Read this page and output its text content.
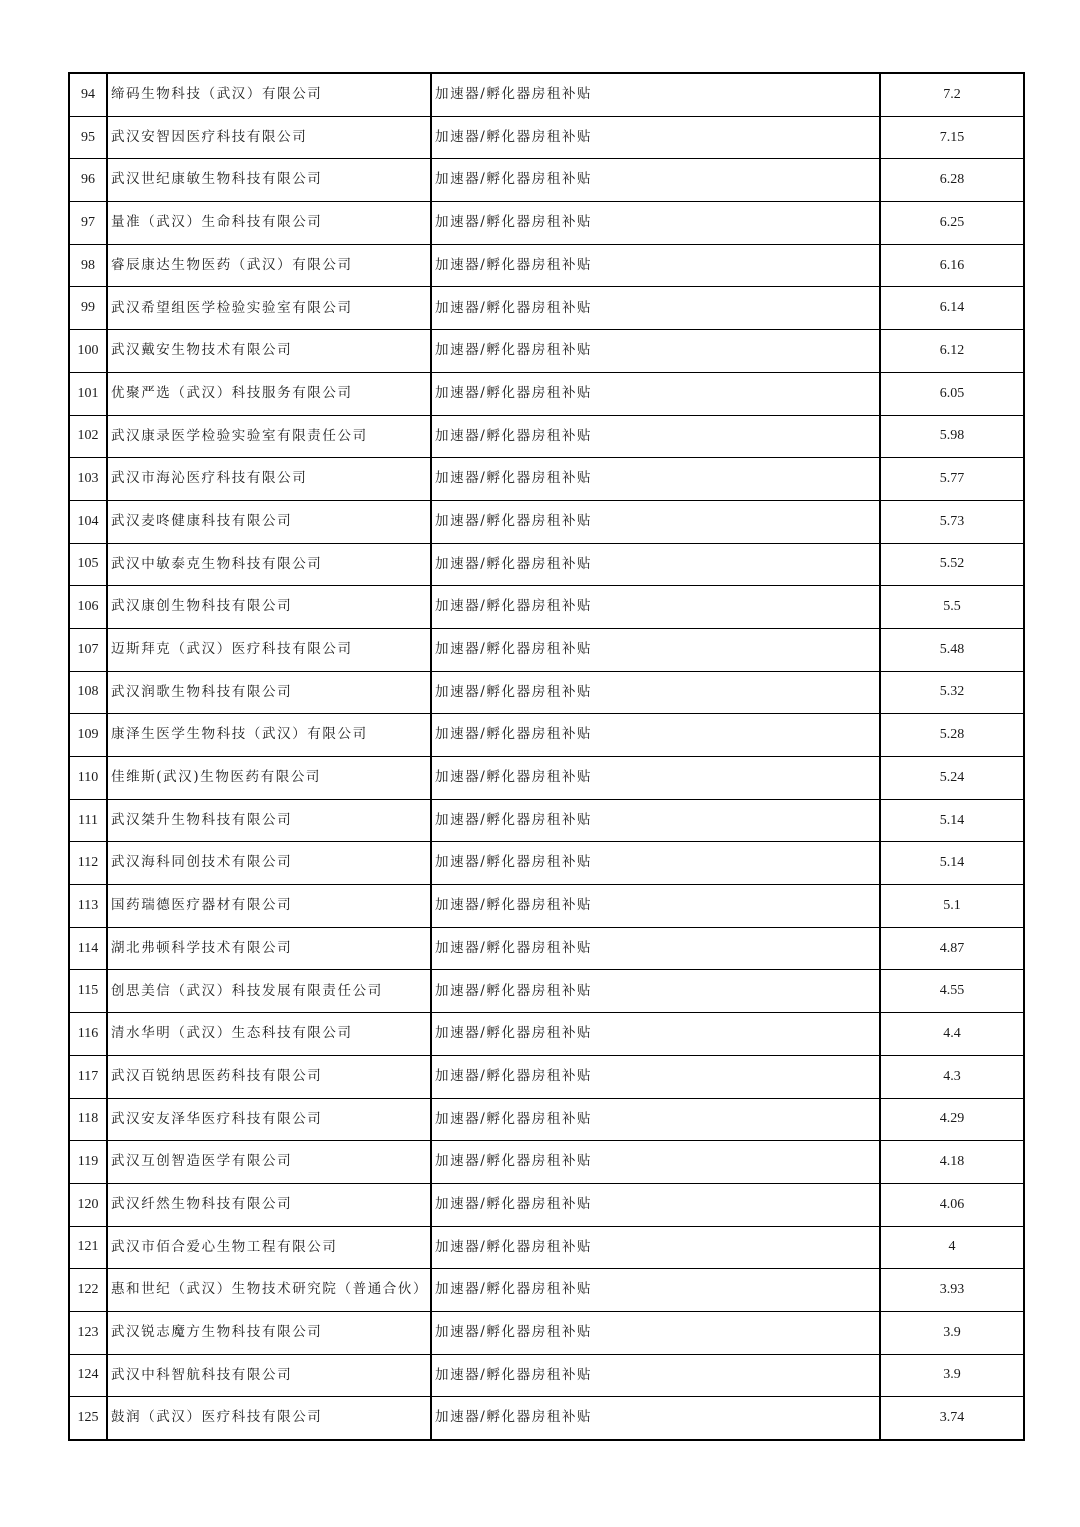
94	缔码生物科技（武汉）有限公司	加速器/孵化器房租补贴	7.2
95	武汉安智因医疗科技有限公司	加速器/孵化器房租补贴	7.15
96	武汉世纪康敏生物科技有限公司	加速器/孵化器房租补贴	6.28
97	量准（武汉）生命科技有限公司	加速器/孵化器房租补贴	6.25
98	睿辰康达生物医药（武汉）有限公司	加速器/孵化器房租补贴	6.16
99	武汉希望组医学检验实验室有限公司	加速器/孵化器房租补贴	6.14
100	武汉戴安生物技术有限公司	加速器/孵化器房租补贴	6.12
101	优聚严选（武汉）科技服务有限公司	加速器/孵化器房租补贴	6.05
102	武汉康录医学检验实验室有限责任公司	加速器/孵化器房租补贴	5.98
103	武汉市海沁医疗科技有限公司	加速器/孵化器房租补贴	5.77
104	武汉麦咚健康科技有限公司	加速器/孵化器房租补贴	5.73
105	武汉中敏泰克生物科技有限公司	加速器/孵化器房租补贴	5.52
106	武汉康创生物科技有限公司	加速器/孵化器房租补贴	5.5
107	迈斯拜克（武汉）医疗科技有限公司	加速器/孵化器房租补贴	5.48
108	武汉润歌生物科技有限公司	加速器/孵化器房租补贴	5.32
109	康泽生医学生物科技（武汉）有限公司	加速器/孵化器房租补贴	5.28
110	佳维斯(武汉)生物医药有限公司	加速器/孵化器房租补贴	5.24
111	武汉桀升生物科技有限公司	加速器/孵化器房租补贴	5.14
112	武汉海科同创技术有限公司	加速器/孵化器房租补贴	5.14
113	国药瑞德医疗器材有限公司	加速器/孵化器房租补贴	5.1
114	湖北弗顿科学技术有限公司	加速器/孵化器房租补贴	4.87
115	创思美信（武汉）科技发展有限责任公司	加速器/孵化器房租补贴	4.55
116	清水华明（武汉）生态科技有限公司	加速器/孵化器房租补贴	4.4
117	武汉百锐纳思医药科技有限公司	加速器/孵化器房租补贴	4.3
118	武汉安友泽华医疗科技有限公司	加速器/孵化器房租补贴	4.29
119	武汉互创智造医学有限公司	加速器/孵化器房租补贴	4.18
120	武汉纤然生物科技有限公司	加速器/孵化器房租补贴	4.06
121	武汉市佰合爱心生物工程有限公司	加速器/孵化器房租补贴	4
122	惠和世纪（武汉）生物技术研究院（普通合伙）	加速器/孵化器房租补贴	3.93
123	武汉锐志魔方生物科技有限公司	加速器/孵化器房租补贴	3.9
124	武汉中科智航科技有限公司	加速器/孵化器房租补贴	3.9
125	鼓润（武汉）医疗科技有限公司	加速器/孵化器房租补贴	3.74
